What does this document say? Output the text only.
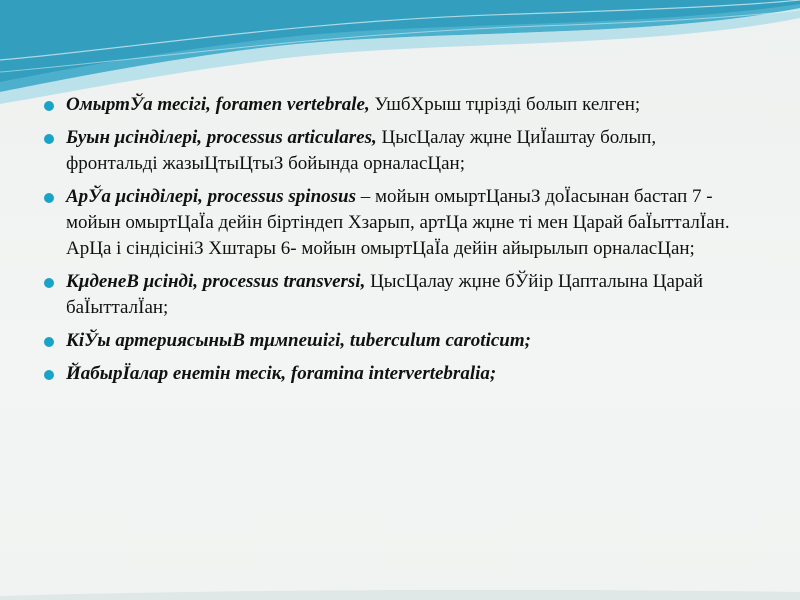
ОмыртЎа тесігі, foramen vertebrale, УшбХрыш тџрізді болып келген;
Буын μсінділері, processus articulares, ЦысЦалау жџне ЦиЇаштау болып, фронтальді жазыЦтыЦтыЗ бойында орналасЦан;
АрЎа μсінділері, processus spinosus – мойын омыртЦаныЗ доЇасынан бастап 7 - мойын омыртЦаЇа дейін біртіндеп Хзарып, артЦа жџне ті мен Царай баЇытталЇан. АрЦа і сіндісініЗ Хштары 6- мойын омыртЦаЇа дейін айырылып орналасЦан;
КμденеВ μсінді, processus transversi, ЦысЦалау жџне бЎйір Цапталына Царай баЇытталЇан;
КiЎы артериясыныВ тμмпешігі, tuberculum caroticum;
ЙабырЇалар енетін тесік, foramina intervertebralia;
